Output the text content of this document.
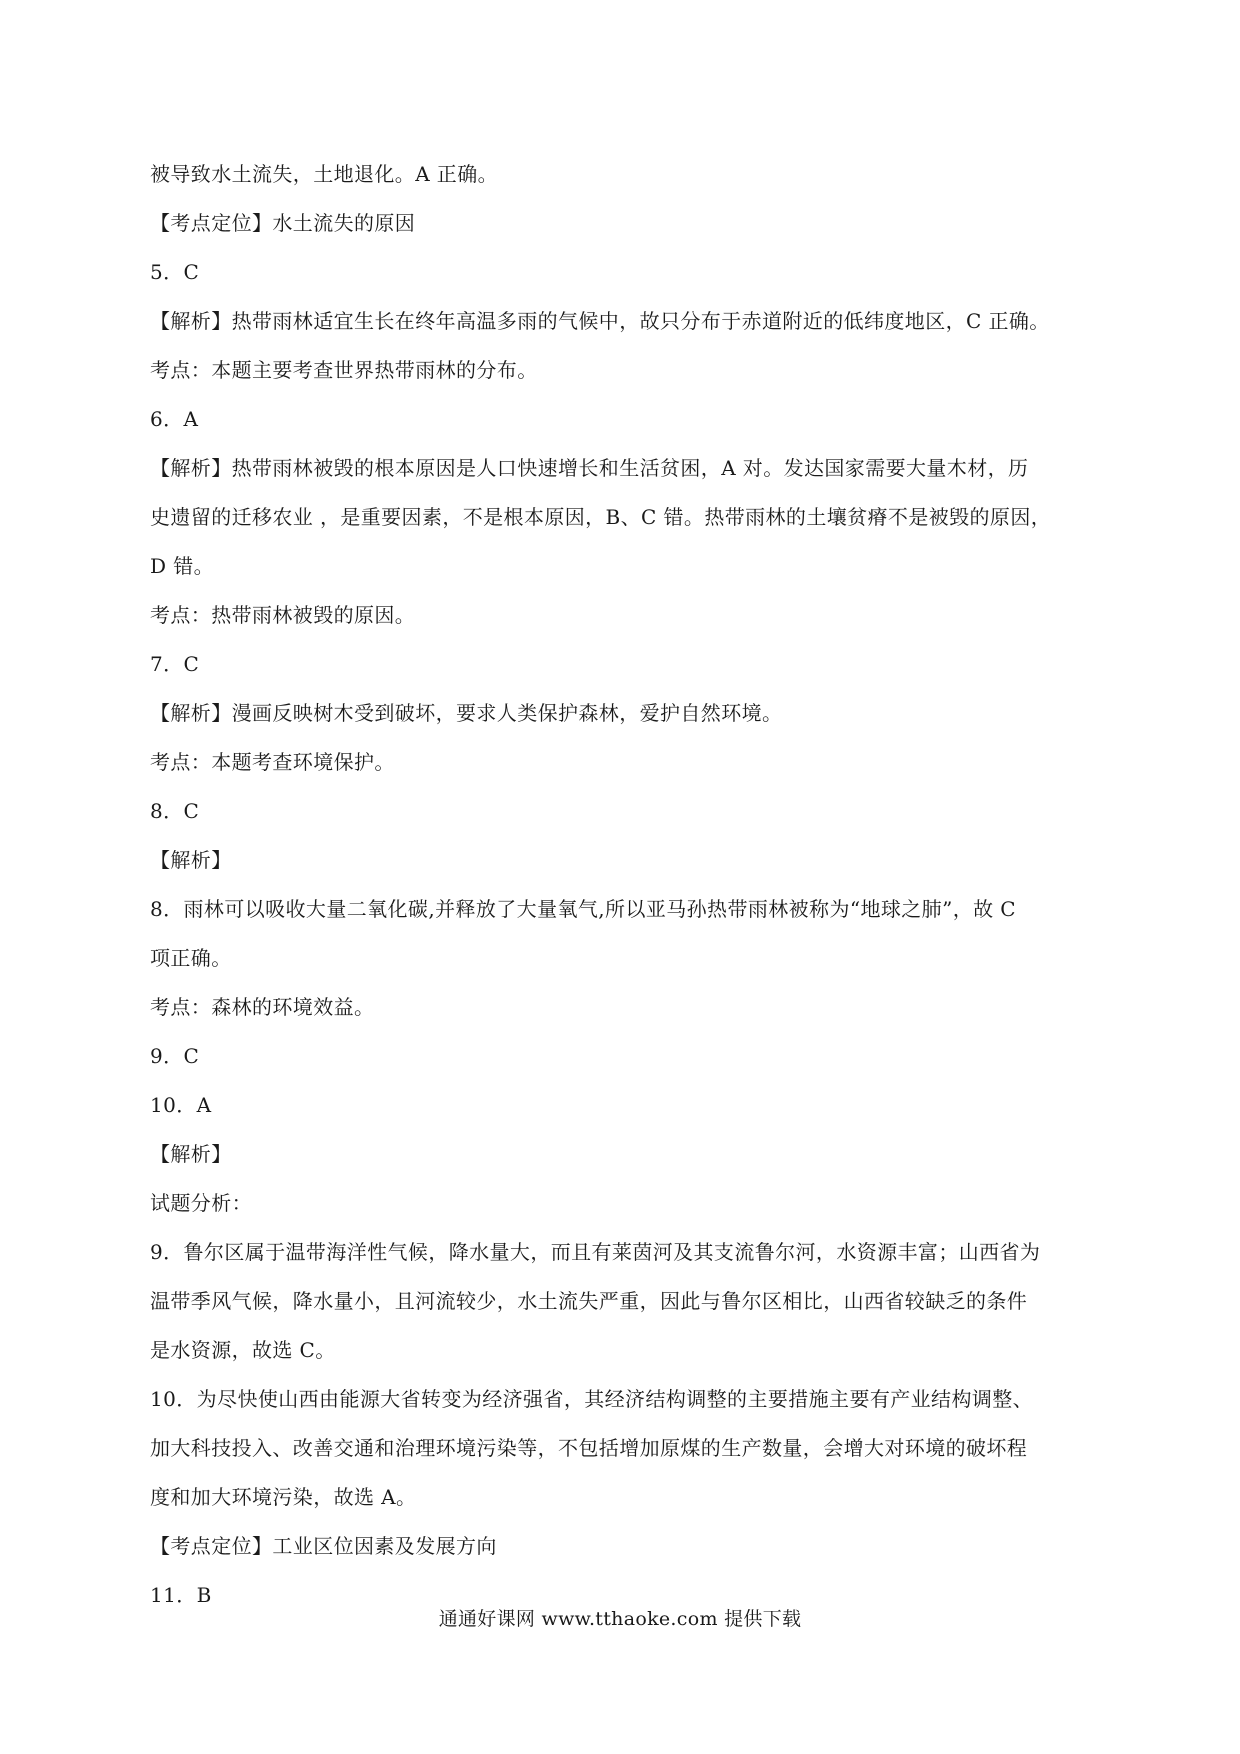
被导致水土流失，土地退化。A 正确。
【考点定位】水土流失的原因
5．C
【解析】热带雨林适宜生长在终年高温多雨的气候中，故只分布于赤道附近的低纬度地区，C 正确。
考点：本题主要考查世界热带雨林的分布。
6．A
【解析】热带雨林被毁的根本原因是人口快速增长和生活贫困，A 对。发达国家需要大量木材，历
史遗留的迁移农业 ，是重要因素，不是根本原因，B、C 错。热带雨林的土壤贫瘠不是被毁的原因，
D 错。
考点：热带雨林被毁的原因。
7．C
【解析】漫画反映树木受到破坏，要求人类保护森林，爱护自然环境。
考点：本题考查环境保护。
8．C
【解析】
8．雨林可以吸收大量二氧化碳,并释放了大量氧气,所以亚马孙热带雨林被称为“地球之肺”，故 C
项正确。
考点：森林的环境效益。
9．C
10．A
【解析】
试题分析：
9．鲁尔区属于温带海洋性气候，降水量大，而且有莱茵河及其支流鲁尔河，水资源丰富；山西省为
温带季风气候，降水量小，且河流较少，水土流失严重，因此与鲁尔区相比，山西省较缺乏的条件
是水资源，故选 C。
10．为尽快使山西由能源大省转变为经济强省，其经济结构调整的主要措施主要有产业结构调整、
加大科技投入、改善交通和治理环境污染等，不包括增加原煤的生产数量，会增大对环境的破坏程
度和加大环境污染，故选 A。
【考点定位】工业区位因素及发展方向
11．B
通通好课网 www.tthaoke.com 提供下载
